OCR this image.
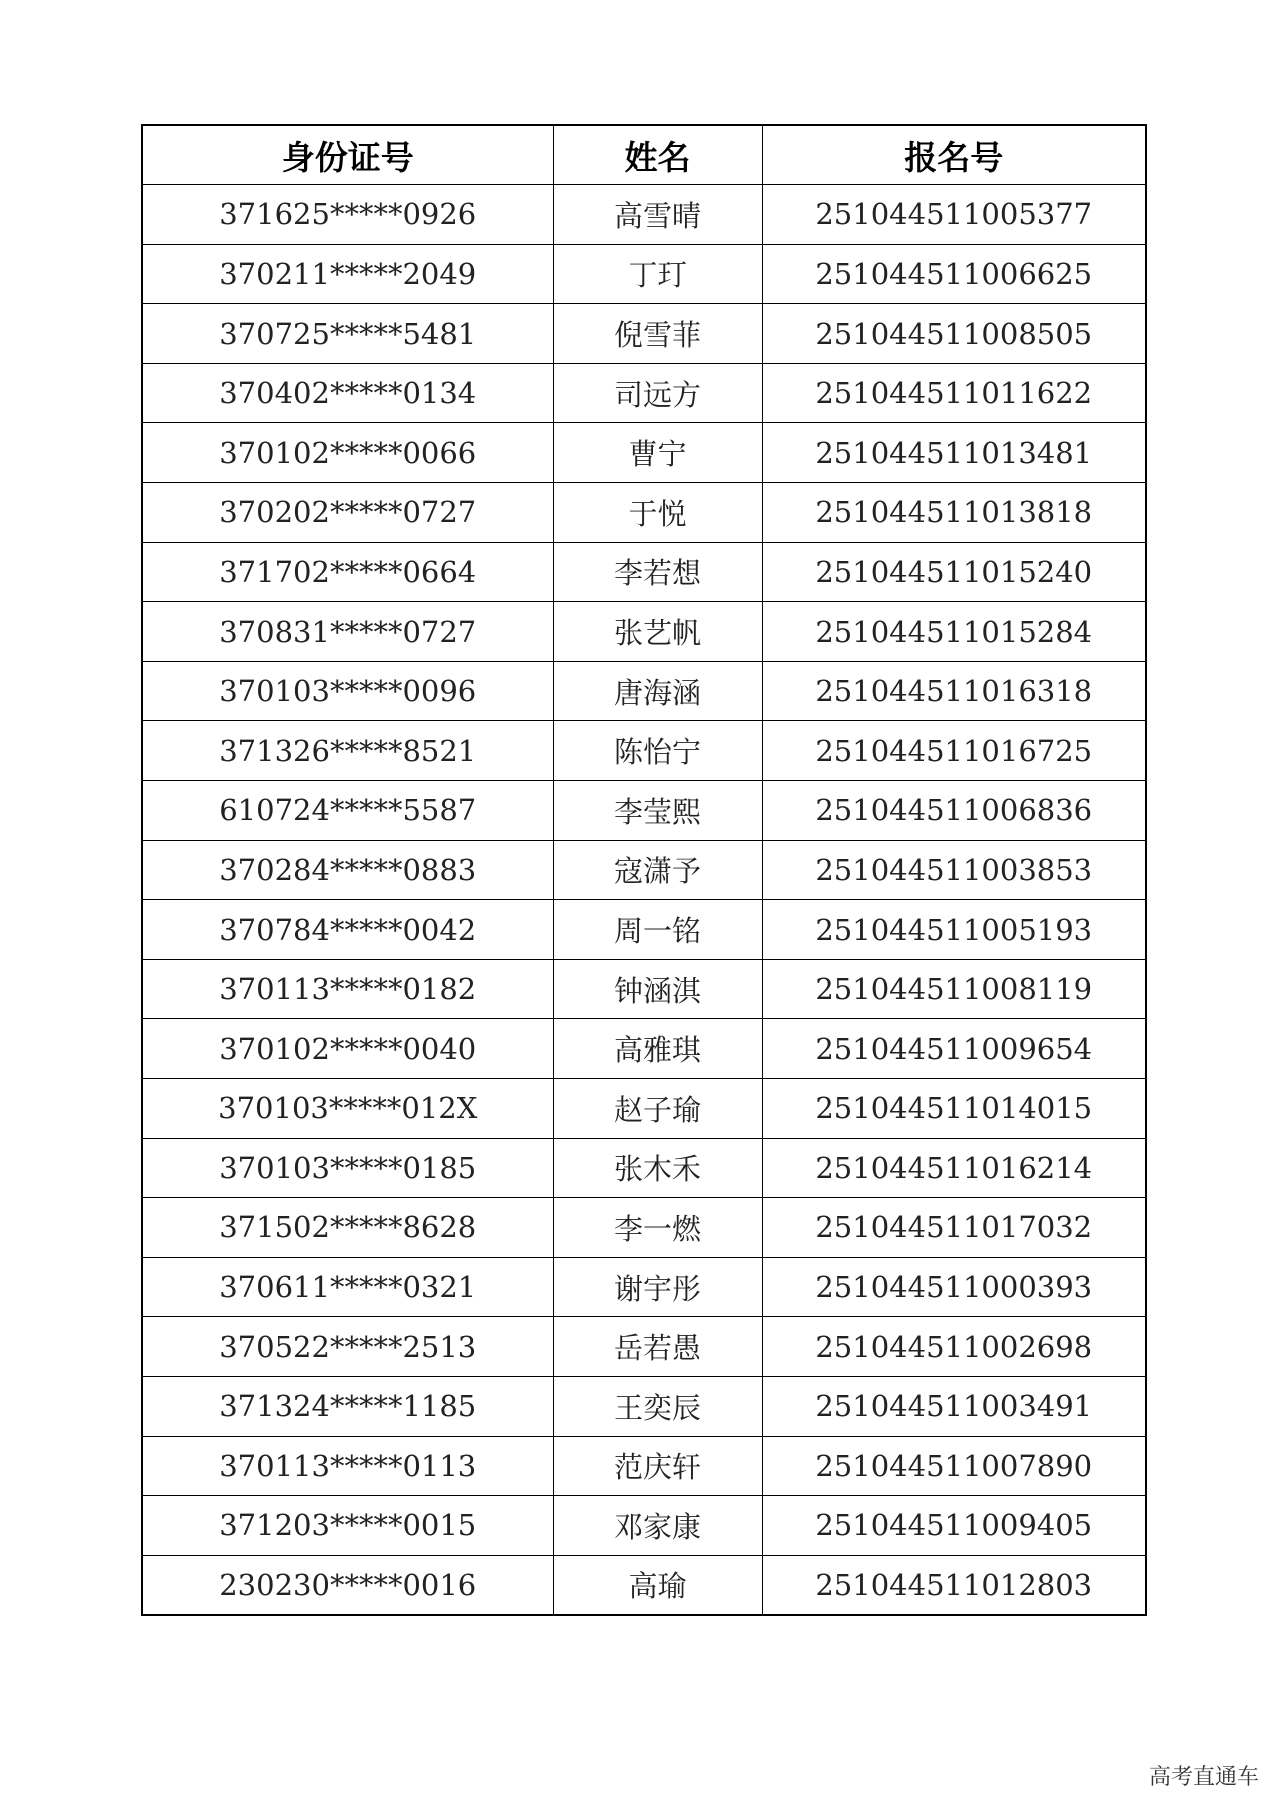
身份证号	姓名	报名号
371625*****0926	高雪晴	251044511005377
370211*****2049	丁玎	251044511006625
370725*****5481	倪雪菲	251044511008505
370402*****0134	司远方	251044511011622
370102*****0066	曹宁	251044511013481
370202*****0727	于悦	251044511013818
371702*****0664	李若想	251044511015240
370831*****0727	张艺帆	251044511015284
370103*****0096	唐海涵	251044511016318
371326*****8521	陈怡宁	251044511016725
610724*****5587	李莹熙	251044511006836
370284*****0883	寇潇予	251044511003853
370784*****0042	周一铭	251044511005193
370113*****0182	钟涵淇	251044511008119
370102*****0040	高雅琪	251044511009654
370103*****012X	赵子瑜	251044511014015
370103*****0185	张木禾	251044511016214
371502*****8628	李一燃	251044511017032
370611*****0321	谢宇彤	251044511000393
370522*****2513	岳若愚	251044511002698
371324*****1185	王奕辰	251044511003491
370113*****0113	范庆轩	251044511007890
371203*****0015	邓家康	251044511009405
230230*****0016	高瑜	251044511012803
高考直通车
